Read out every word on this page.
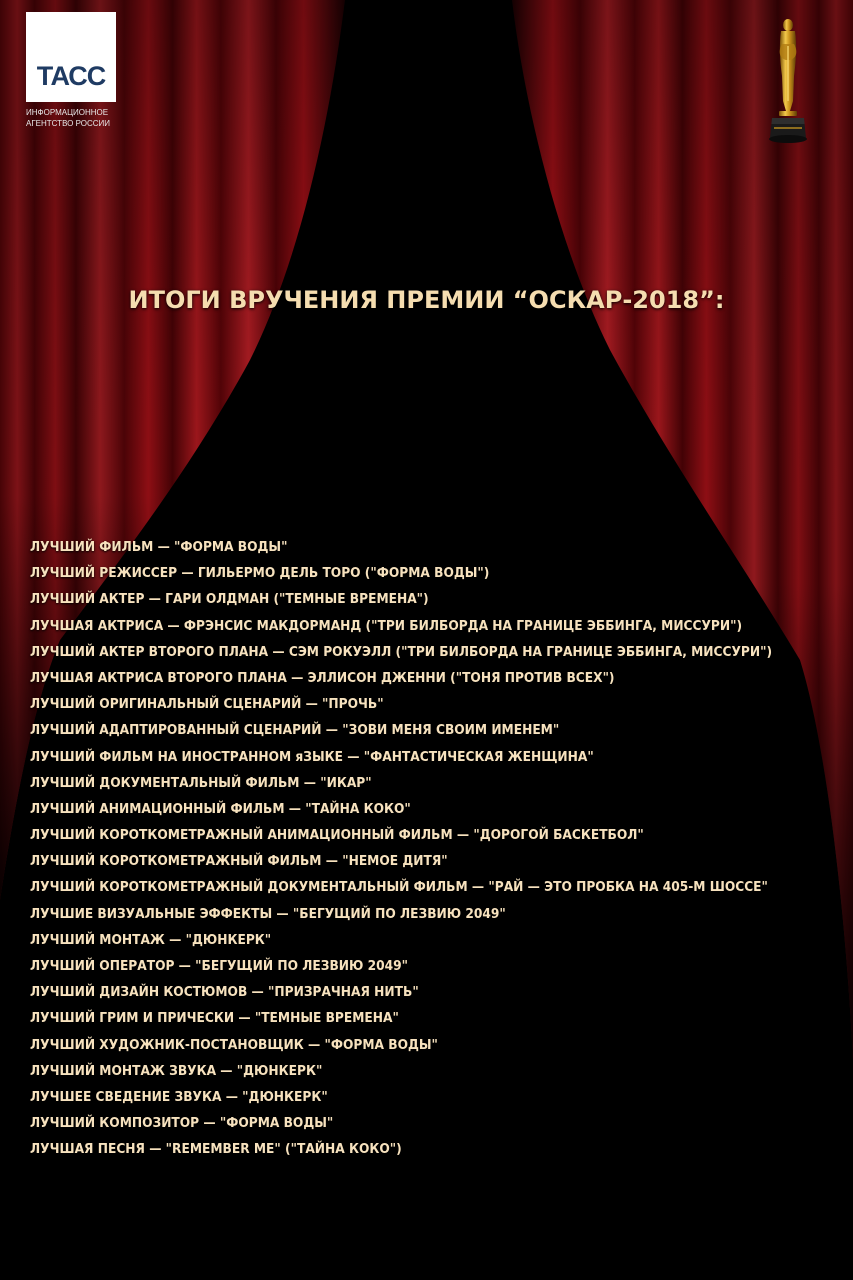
ТАСС
ИНФОРМАЦИОННОЕ
АГЕНТСТВО РОССИИ
ИТОГИ ВРУЧЕНИЯ ПРЕМИИ “ОСКАР-2018”:
ЛУЧШИЙ ФИЛЬМ — "ФОРМА ВОДЫ"
ЛУЧШИЙ РЕЖИССЕР — ГИЛЬЕРМО ДЕЛЬ ТОРО ("ФОРМА ВОДЫ")
ЛУЧШИЙ АКТЕР — ГАРИ ОЛДМАН ("ТЕМНЫЕ ВРЕМЕНА")
ЛУЧШАЯ АКТРИСА — ФРЭНСИС МАКДОРМАНД ("ТРИ БИЛБОРДА НА ГРАНИЦЕ ЭББИНГА, МИССУРИ")
ЛУЧШИЙ АКТЕР ВТОРОГО ПЛАНА — СЭМ РОКУЭЛЛ ("ТРИ БИЛБОРДА НА ГРАНИЦЕ ЭББИНГА, МИССУРИ")
ЛУЧШАЯ АКТРИСА ВТОРОГО ПЛАНА — ЭЛЛИСОН ДЖЕННИ ("ТОНЯ ПРОТИВ ВСЕХ")
ЛУЧШИЙ ОРИГИНАЛЬНЫЙ СЦЕНАРИЙ — "ПРОЧЬ"
ЛУЧШИЙ АДАПТИРОВАННЫЙ СЦЕНАРИЙ — "ЗОВИ МЕНЯ СВОИМ ИМЕНЕМ"
ЛУЧШИЙ ФИЛЬМ НА ИНОСТРАННОМ яЗЫКЕ — "ФАНТАСТИЧЕСКАЯ ЖЕНЩИНА"
ЛУЧШИЙ ДОКУМЕНТАЛЬНЫЙ ФИЛЬМ — "ИКАР"
ЛУЧШИЙ АНИМАЦИОННЫЙ ФИЛЬМ — "ТАЙНА КОКО"
ЛУЧШИЙ КОРОТКОМЕТРАЖНЫЙ АНИМАЦИОННЫЙ ФИЛЬМ — "ДОРОГОЙ БАСКЕТБОЛ"
ЛУЧШИЙ КОРОТКОМЕТРАЖНЫЙ ФИЛЬМ — "НЕМОЕ ДИТЯ"
ЛУЧШИЙ КОРОТКОМЕТРАЖНЫЙ ДОКУМЕНТАЛЬНЫЙ ФИЛЬМ — "РАЙ — ЭТО ПРОБКА НА 405-М ШОССЕ"
ЛУЧШИЕ ВИЗУАЛЬНЫЕ ЭФФЕКТЫ — "БЕГУЩИЙ ПО ЛЕЗВИЮ 2049"
ЛУЧШИЙ МОНТАЖ — "ДЮНКЕРК"
ЛУЧШИЙ ОПЕРАТОР — "БЕГУЩИЙ ПО ЛЕЗВИЮ 2049"
ЛУЧШИЙ ДИЗАЙН КОСТЮМОВ — "ПРИЗРАЧНАЯ НИТЬ"
ЛУЧШИЙ ГРИМ И ПРИЧЕСКИ — "ТЕМНЫЕ ВРЕМЕНА"
ЛУЧШИЙ ХУДОЖНИК-ПОСТАНОВЩИК — "ФОРМА ВОДЫ"
ЛУЧШИЙ МОНТАЖ ЗВУКА — "ДЮНКЕРК"
ЛУЧШЕЕ СВЕДЕНИЕ ЗВУКА — "ДЮНКЕРК"
ЛУЧШИЙ КОМПОЗИТОР — "ФОРМА ВОДЫ"
ЛУЧШАЯ ПЕСНЯ — "REMEMBER ME" ("ТАЙНА КОКО")
